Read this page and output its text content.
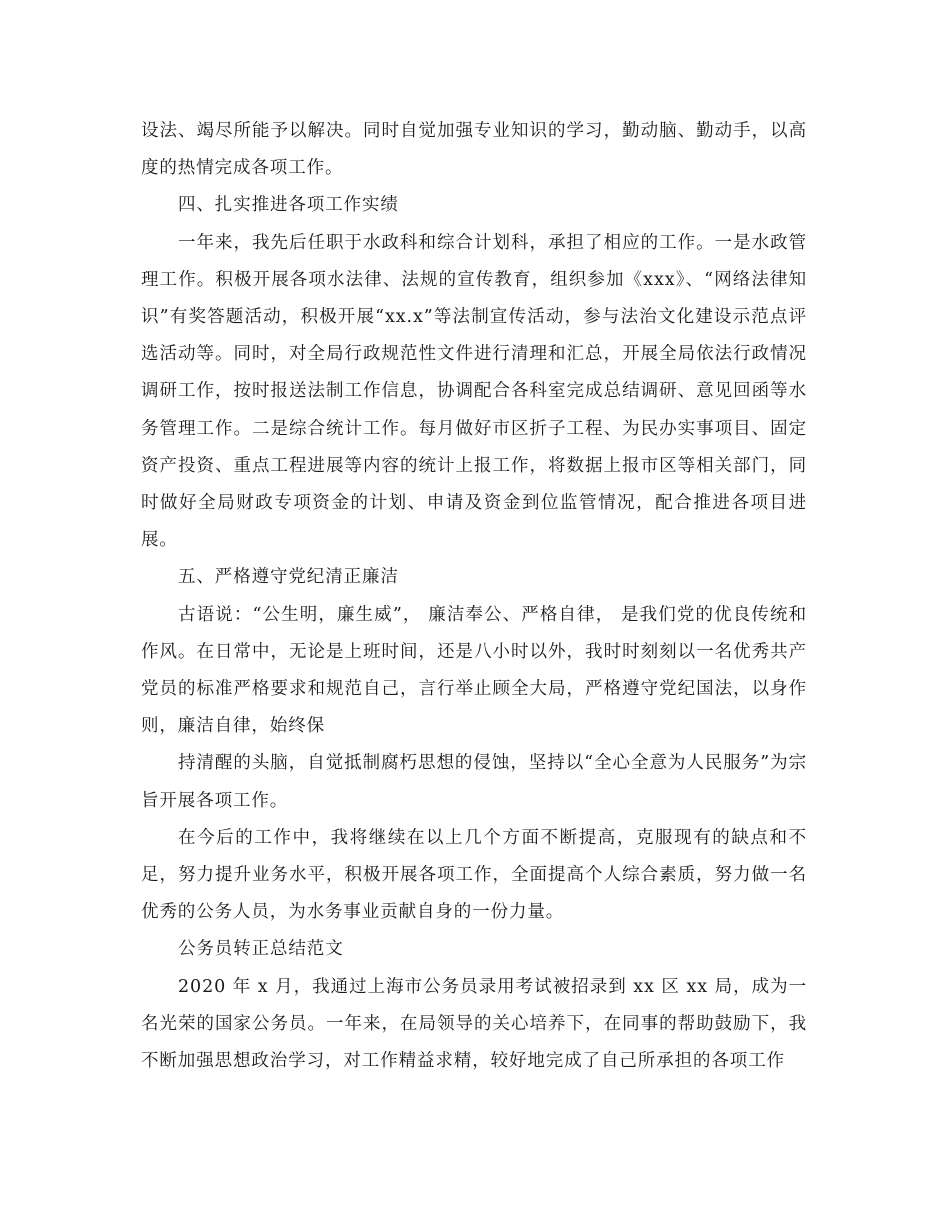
设法、竭尽所能予以解决。同时自觉加强专业知识的学习，勤动脑、勤动手，以高度的热情完成各项工作。

四、扎实推进各项工作实绩

一年来，我先后任职于水政科和综合计划科，承担了相应的工作。一是水政管理工作。积极开展各项水法律、法规的宣传教育，组织参加《xxx》、“网络法律知识”有奖答题活动，积极开展“xx.x”等法制宣传活动，参与法治文化建设示范点评选活动等。同时，对全局行政规范性文件进行清理和汇总，开展全局依法行政情况调研工作，按时报送法制工作信息，协调配合各科室完成总结调研、意见回函等水务管理工作。二是综合统计工作。每月做好市区折子工程、为民办实事项目、固定资产投资、重点工程进展等内容的统计上报工作，将数据上报市区等相关部门，同时做好全局财政专项资金的计划、申请及资金到位监管情况，配合推进各项目进展。

五、严格遵守党纪清正廉洁

古语说：“公生明，廉生威”， 廉洁奉公、严格自律， 是我们党的优良传统和作风。在日常中，无论是上班时间，还是八小时以外，我时时刻刻以一名优秀共产党员的标准严格要求和规范自己，言行举止顾全大局，严格遵守党纪国法，以身作则，廉洁自律，始终保

持清醒的头脑，自觉抵制腐朽思想的侵蚀，坚持以“全心全意为人民服务”为宗旨开展各项工作。

在今后的工作中，我将继续在以上几个方面不断提高，克服现有的缺点和不足，努力提升业务水平，积极开展各项工作，全面提高个人综合素质，努力做一名优秀的公务人员，为水务事业贡献自身的一份力量。

公务员转正总结范文

2020 年 x 月，我通过上海市公务员录用考试被招录到 xx 区 xx 局，成为一名光荣的国家公务员。一年来，在局领导的关心培养下，在同事的帮助鼓励下，我不断加强思想政治学习，对工作精益求精，较好地完成了自己所承担的各项工作
